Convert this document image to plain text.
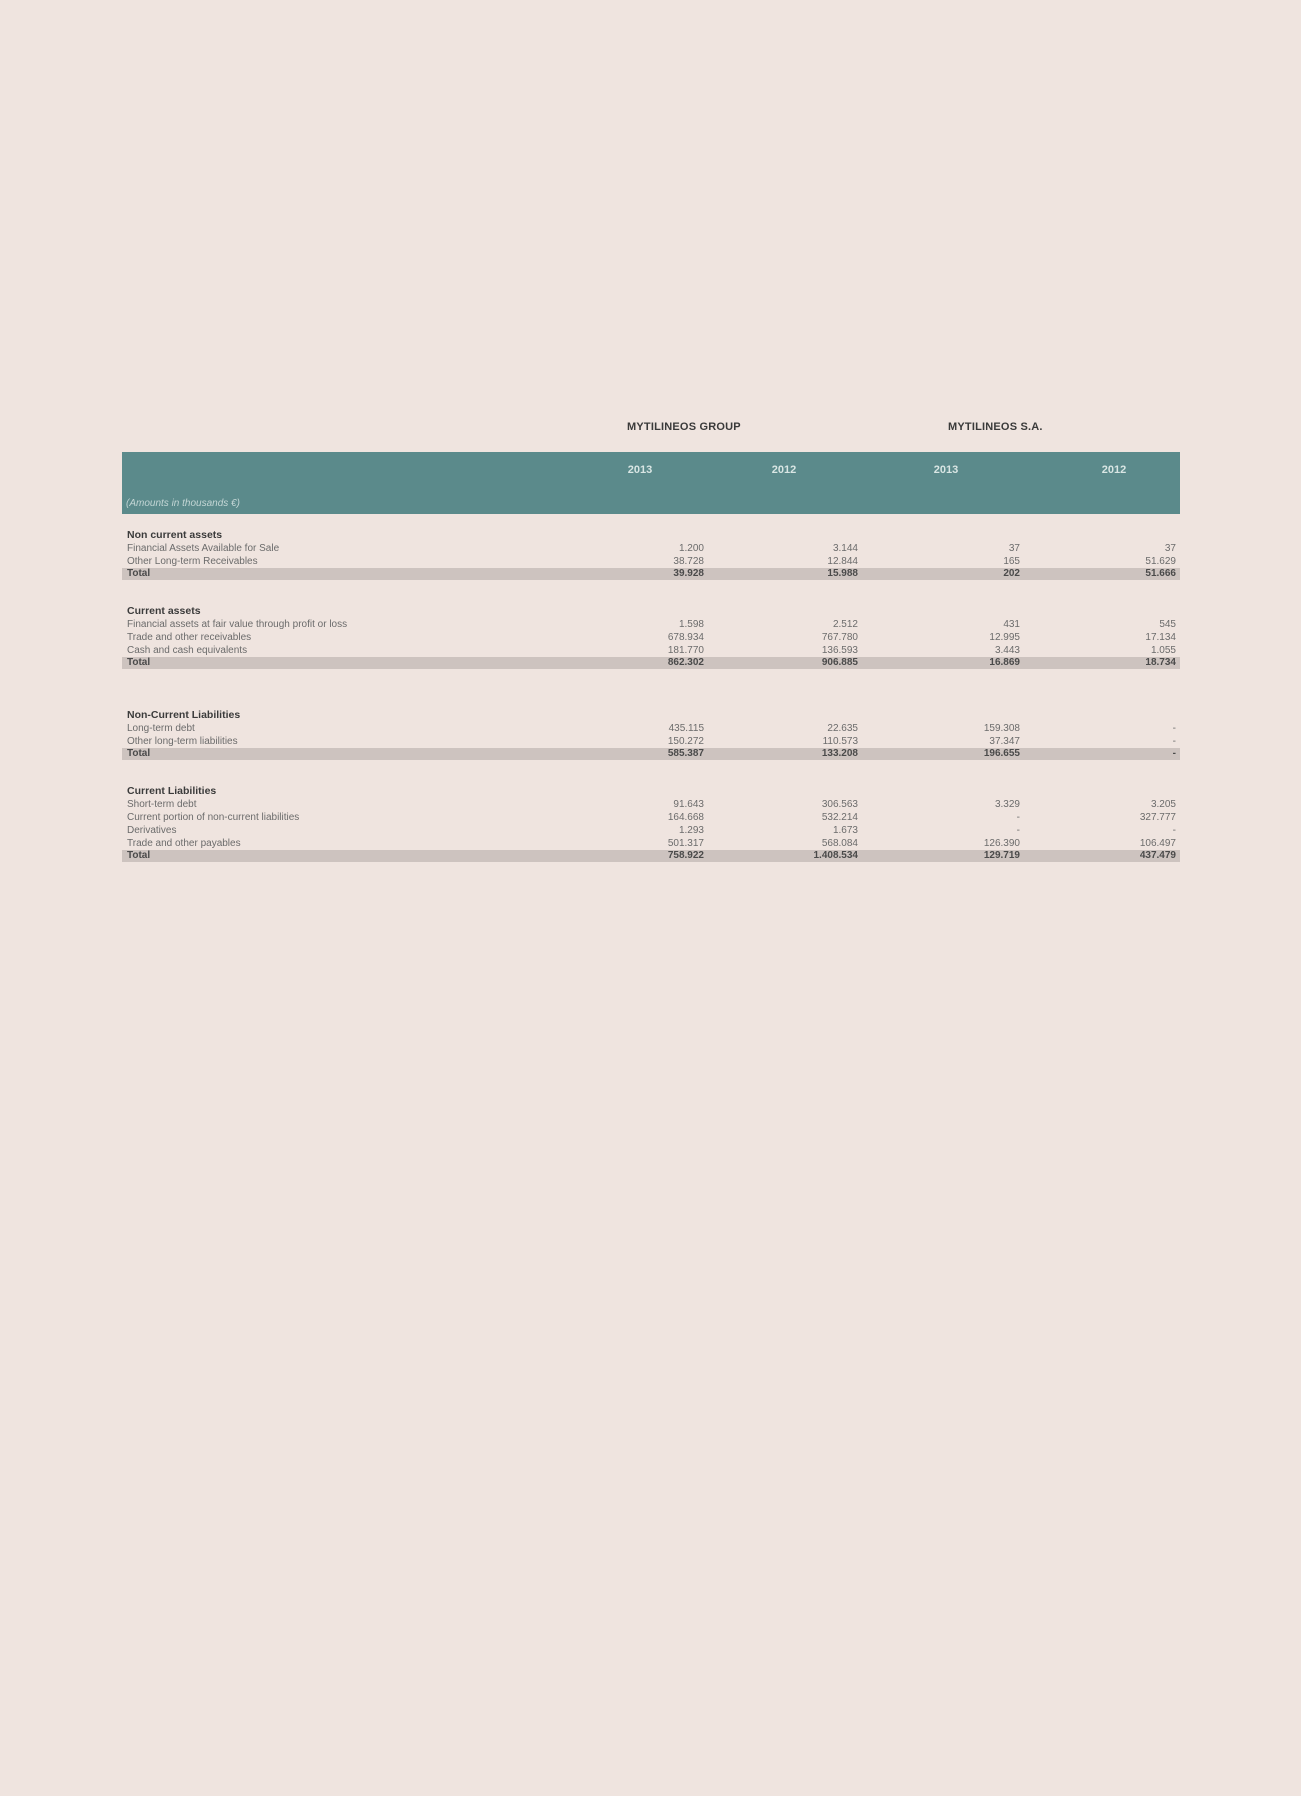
MYTILINEOS GROUP	MYTILINEOS S.A.
2013	2012	2013	2012
(Amounts in thousands €)
Non current assets
Financial Assets Available for Sale	1.200	3.144	37	37
Other Long-term Receivables	38.728	12.844	165	51.629
Total	39.928	15.988	202	51.666
Current assets
Financial assets at fair value through profit or loss	1.598	2.512	431	545
Trade and other receivables	678.934	767.780	12.995	17.134
Cash and cash equivalents	181.770	136.593	3.443	1.055
Total	862.302	906.885	16.869	18.734
Non-Current Liabilities
Long-term debt	435.115	22.635	159.308	-
Other long-term liabilities	150.272	110.573	37.347	-
Total	585.387	133.208	196.655	-
Current Liabilities
Short-term debt	91.643	306.563	3.329	3.205
Current portion of non-current liabilities	164.668	532.214	-	327.777
Derivatives	1.293	1.673	-	-
Trade and other payables	501.317	568.084	126.390	106.497
Total	758.922	1.408.534	129.719	437.479
